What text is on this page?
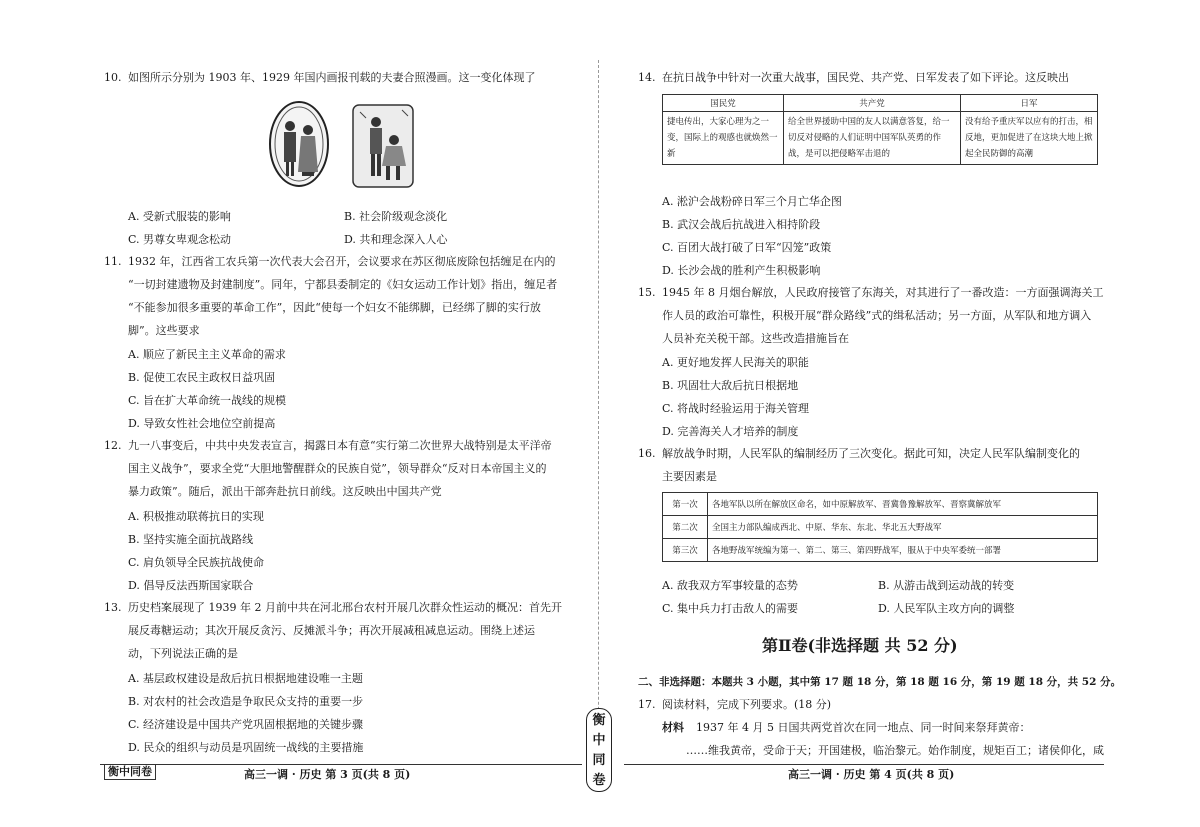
10. 如图所示分别为 1903 年、1929 年国内画报刊载的夫妻合照漫画。这一变化体现了
A. 受新式服装的影响	B. 社会阶级观念淡化
C. 男尊女卑观念松动	D. 共和理念深入人心
11. 1932 年，江西省工农兵第一次代表大会召开，会议要求在苏区彻底废除包括缠足在内的
“一切封建遗物及封建制度”。同年，宁都县委制定的《妇女运动工作计划》指出，缠足者
“不能参加很多重要的革命工作”，因此“使每一个妇女不能绑脚，已经绑了脚的实行放
脚”。这些要求
A. 顺应了新民主主义革命的需求
B. 促使工农民主政权日益巩固
C. 旨在扩大革命统一战线的规模
D. 导致女性社会地位空前提高
12. 九一八事变后，中共中央发表宣言，揭露日本有意“实行第二次世界大战特别是太平洋帝
国主义战争”，要求全党“大胆地警醒群众的民族自觉”，领导群众“反对日本帝国主义的
暴力政策”。随后，派出干部奔赴抗日前线。这反映出中国共产党
A. 积极推动联蒋抗日的实现
B. 坚持实施全面抗战路线
C. 肩负领导全民族抗战使命
D. 倡导反法西斯国家联合
13. 历史档案展现了 1939 年 2 月前中共在河北邢台农村开展几次群众性运动的概况：首先开
展反毒糖运动；其次开展反贪污、反摊派斗争；再次开展减租减息运动。围绕上述运
动，下列说法正确的是
A. 基层政权建设是敌后抗日根据地建设唯一主题
B. 对农村的社会改造是争取民众支持的重要一步
C. 经济建设是中国共产党巩固根据地的关键步骤
D. 民众的组织与动员是巩固统一战线的主要措施
衡中同卷	高三一调 · 历史 第 3 页(共 8 页)
衡
中
同
卷
14. 在抗日战争中针对一次重大战事，国民党、共产党、日军发表了如下评论。这反映出
国民党	共产党	日军
捷电传出，大家心理为之一变，国际上的观感也就焕然一新	给全世界援助中国的友人以满意答复，给一切反对侵略的人们证明中国军队英勇的作战，是可以把侵略军击退的	没有给予重庆军以应有的打击，相反地，更加促进了在这块大地上掀起全民防御的高潮
A. 淞沪会战粉碎日军三个月亡华企图
B. 武汉会战后抗战进入相持阶段
C. 百团大战打破了日军“囚笼”政策
D. 长沙会战的胜利产生积极影响
15. 1945 年 8 月烟台解放，人民政府接管了东海关，对其进行了一番改造：一方面强调海关工
作人员的政治可靠性，积极开展“群众路线”式的缉私活动；另一方面，从军队和地方调入
人员补充关税干部。这些改造措施旨在
A. 更好地发挥人民海关的职能
B. 巩固壮大敌后抗日根据地
C. 将战时经验运用于海关管理
D. 完善海关人才培养的制度
16. 解放战争时期，人民军队的编制经历了三次变化。据此可知，决定人民军队编制变化的
主要因素是
第一次	各地军队以所在解放区命名，如中原解放军、晋冀鲁豫解放军、晋察冀解放军
第二次	全国主力部队编成西北、中原、华东、东北、华北五大野战军
第三次	各地野战军统编为第一、第二、第三、第四野战军，服从于中央军委统一部署
A. 敌我双方军事较量的态势	B. 从游击战到运动战的转变
C. 集中兵力打击敌人的需要	D. 人民军队主攻方向的调整
第Ⅱ卷(非选择题 共 52 分)
二、非选择题：本题共 3 小题，其中第 17 题 18 分，第 18 题 16 分，第 19 题 18 分，共 52 分。
17. 阅读材料，完成下列要求。(18 分)
材料 1937 年 4 月 5 日国共两党首次在同一地点、同一时间来祭拜黄帝：
……维我黄帝，受命于天；开国建极，临治黎元。始作制度，规矩百工；诸侯仰化，咸
高三一调 · 历史 第 4 页(共 8 页)
